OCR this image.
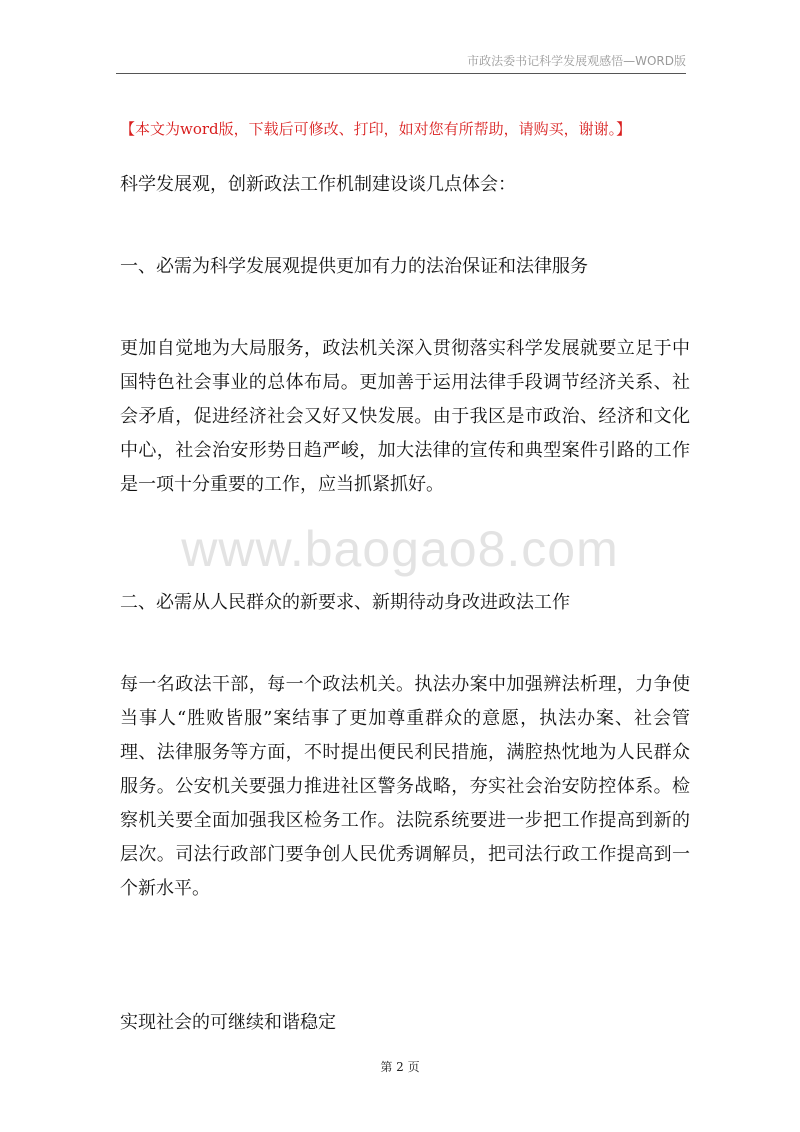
市政法委书记科学发展观感悟—WORD版
【本文为word版，下载后可修改、打印，如对您有所帮助，请购买，谢谢。】

科学发展观，创新政法工作机制建设谈几点体会：

一、必需为科学发展观提供更加有力的法治保证和法律服务

更加自觉地为大局服务，政法机关深入贯彻落实科学发展就要立足于中国特色社会事业的总体布局。更加善于运用法律手段调节经济关系、社会矛盾，促进经济社会又好又快发展。由于我区是市政治、经济和文化中心，社会治安形势日趋严峻，加大法律的宣传和典型案件引路的工作是一项十分重要的工作，应当抓紧抓好。

www.baogao8.com

二、必需从人民群众的新要求、新期待动身改进政法工作

每一名政法干部，每一个政法机关。执法办案中加强辨法析理，力争使当事人“胜败皆服”案结事了更加尊重群众的意愿，执法办案、社会管理、法律服务等方面，不时提出便民利民措施，满腔热忱地为人民群众服务。公安机关要强力推进社区警务战略，夯实社会治安防控体系。检察机关要全面加强我区检务工作。法院系统要进一步把工作提高到新的层次。司法行政部门要争创人民优秀调解员，把司法行政工作提高到一个新水平。

实现社会的可继续和谐稳定

第 2 页
